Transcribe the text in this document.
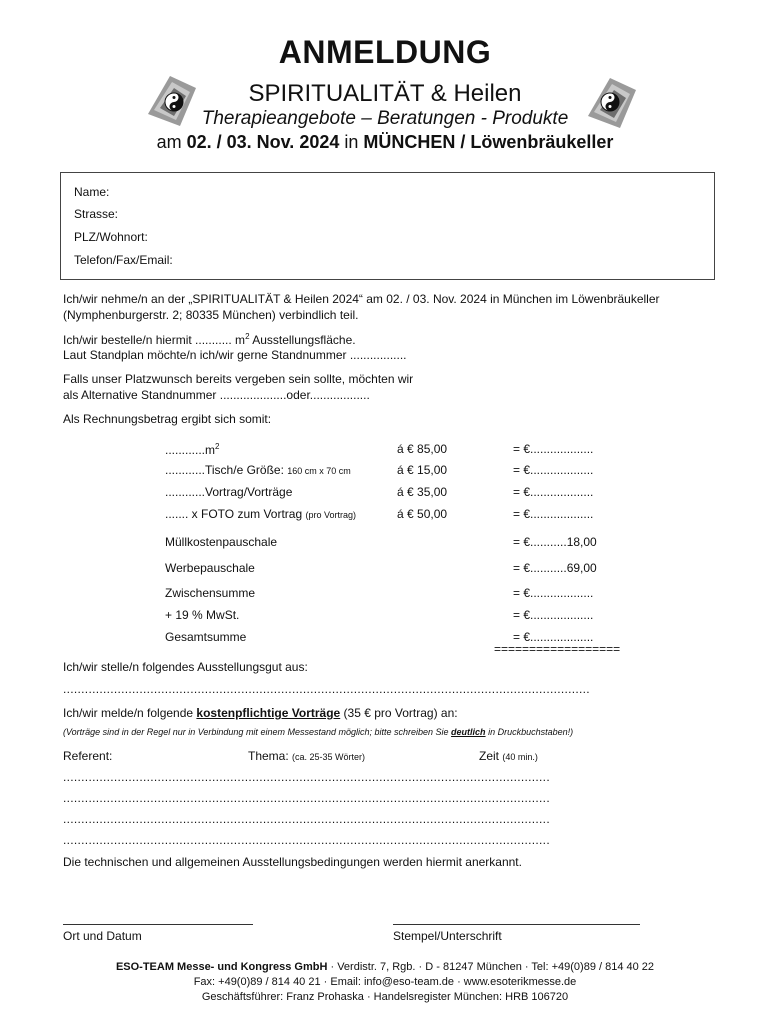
ANMELDUNG
SPIRITUALITÄT & Heilen
Therapieangebote – Beratungen - Produkte
am 02. / 03. Nov. 2024 in MÜNCHEN / Löwenbräukeller
Name:
Strasse:
PLZ/Wohnort:
Telefon/Fax/Email:
Ich/wir nehme/n an der „SPIRITUALITÄT & Heilen 2024“ am 02. / 03. Nov. 2024 in München im Löwenbräukeller (Nymphenburgerstr. 2; 80335 München) verbindlich teil.
Ich/wir bestelle/n hiermit ........... $m^2$ Ausstellungsfläche.
Laut Standplan möchte/n ich/wir gerne Standnummer .................
Falls unser Platzwunsch bereits vergeben sein sollte, möchten wir
als Alternative Standnummer ....................oder..................
Als Rechnungsbetrag ergibt sich somit:
$............m^2$	á € 85,00	= €...................
............Tisch/e Größe: 160 cm x 70 cm	á € 15,00	= €...................
............Vortrag/Vorträge	á € 35,00	= €...................
....... x FOTO zum Vortrag (pro Vortrag)	á € 50,00	= €...................
Müllkostenpauschale	= €...........18,00
Werbepauschale	= €...........69,00
Zwischensumme	= €...................
+ 19 % MwSt.	= €...................
Gesamtsumme	= €...................
==================
Ich/wir stelle/n folgendes Ausstellungsgut aus:
.................................................................................................................................................
Ich/wir melde/n folgende kostenpflichtige Vorträge (35 € pro Vortrag) an:
(Vorträge sind in der Regel nur in Verbindung mit einem Messestand möglich; bitte schreiben Sie deutlich in Druckbuchstaben!)
Referent:	Thema: (ca. 25-35 Wörter)	Zeit (40 min.)
......................................................................................................................................
......................................................................................................................................
......................................................................................................................................
......................................................................................................................................
Die technischen und allgemeinen Ausstellungsbedingungen werden hiermit anerkannt.
Ort und Datum	Stempel/Unterschrift
ESO-TEAM Messe- und Kongress GmbH · Verdistr. 7, Rgb. · D - 81247 München · Tel: +49(0)89 / 814 40 22
Fax: +49(0)89 / 814 40 21 · Email: info@eso-team.de · www.esoterikmesse.de
Geschäftsführer: Franz Prohaska · Handelsregister München: HRB 106720
